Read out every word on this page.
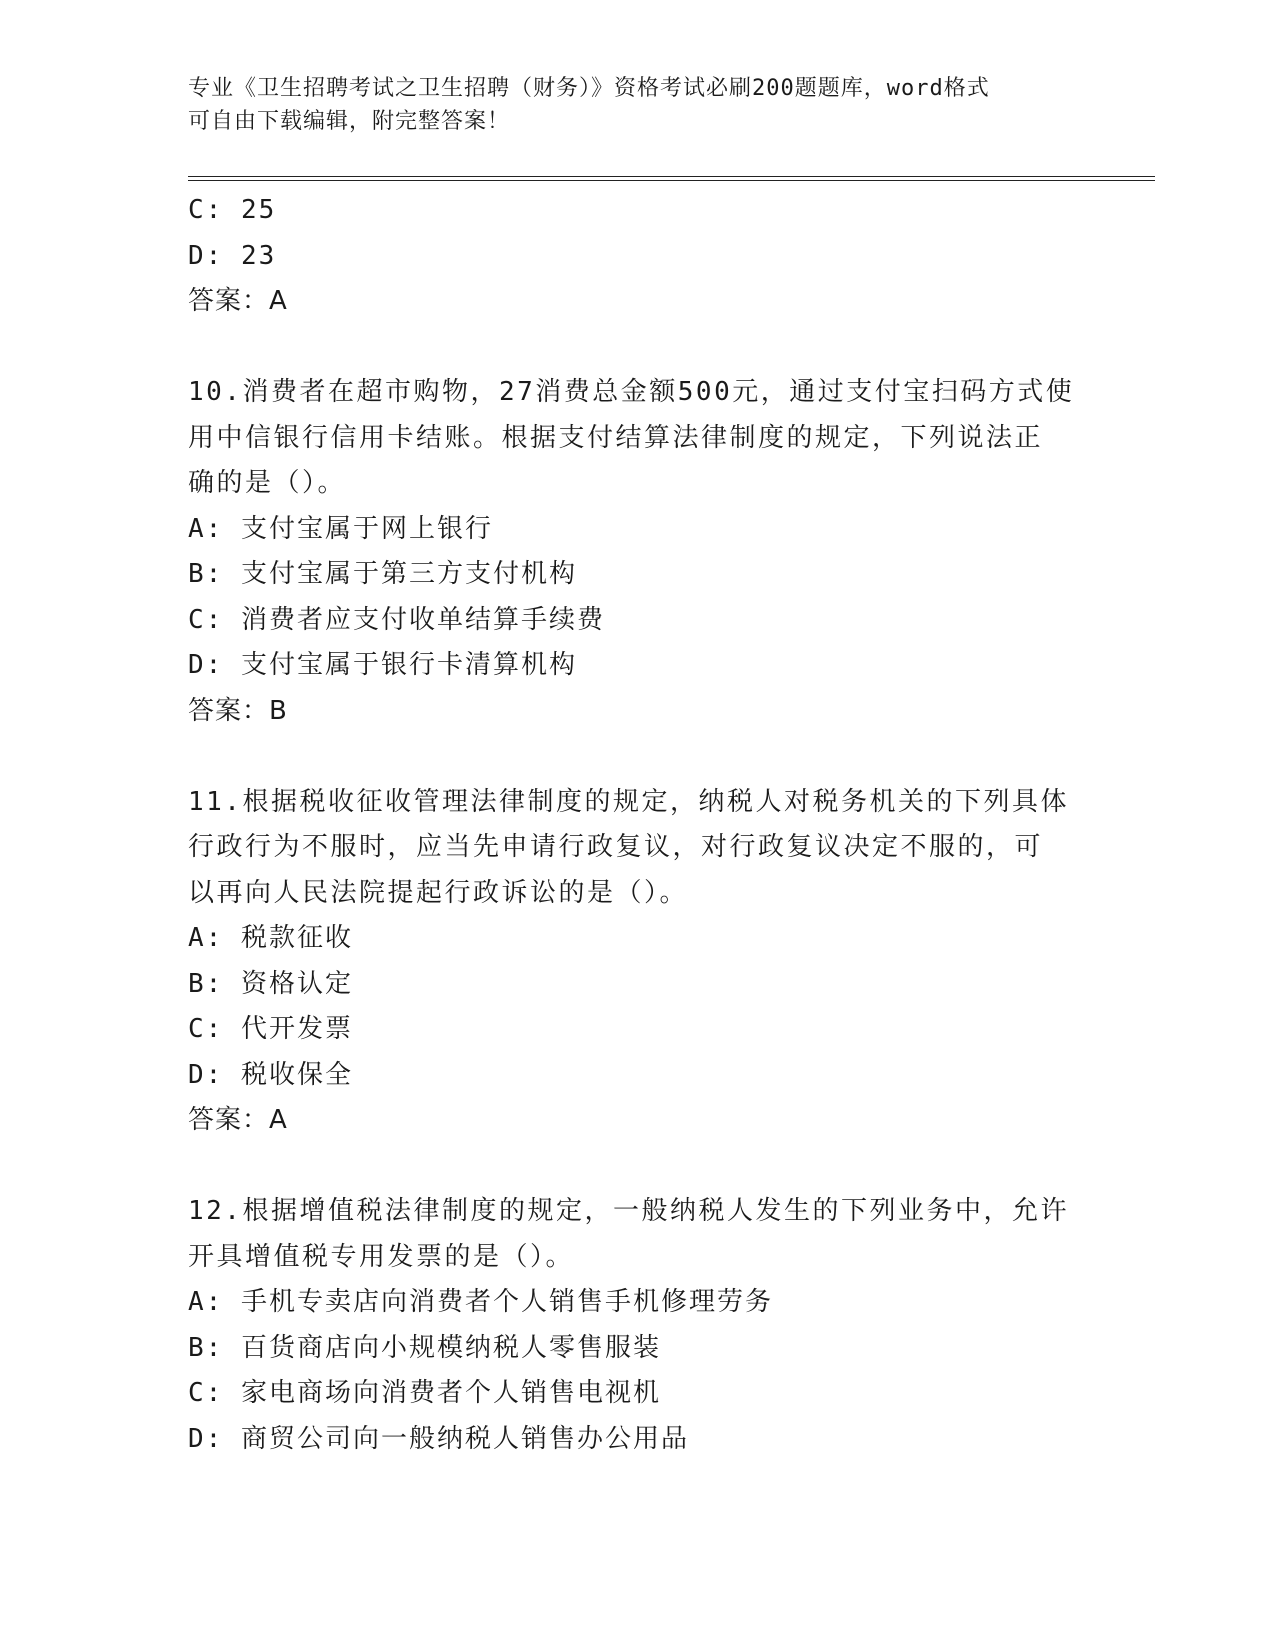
专业《卫生招聘考试之卫生招聘（财务）》资格考试必刷200题题库，word格式
可自由下载编辑，附完整答案！
C: 25
D: 23
答案：A
10.消费者在超市购物，27消费总金额500元，通过支付宝扫码方式使
用中信银行信用卡结账。根据支付结算法律制度的规定，下列说法正
确的是（）。
A: 支付宝属于网上银行
B: 支付宝属于第三方支付机构
C: 消费者应支付收单结算手续费
D: 支付宝属于银行卡清算机构
答案：B
11.根据税收征收管理法律制度的规定，纳税人对税务机关的下列具体
行政行为不服时，应当先申请行政复议，对行政复议决定不服的，可
以再向人民法院提起行政诉讼的是（）。
A: 税款征收
B: 资格认定
C: 代开发票
D: 税收保全
答案：A
12.根据增值税法律制度的规定，一般纳税人发生的下列业务中，允许
开具增值税专用发票的是（）。
A: 手机专卖店向消费者个人销售手机修理劳务
B: 百货商店向小规模纳税人零售服装
C: 家电商场向消费者个人销售电视机
D: 商贸公司向一般纳税人销售办公用品
